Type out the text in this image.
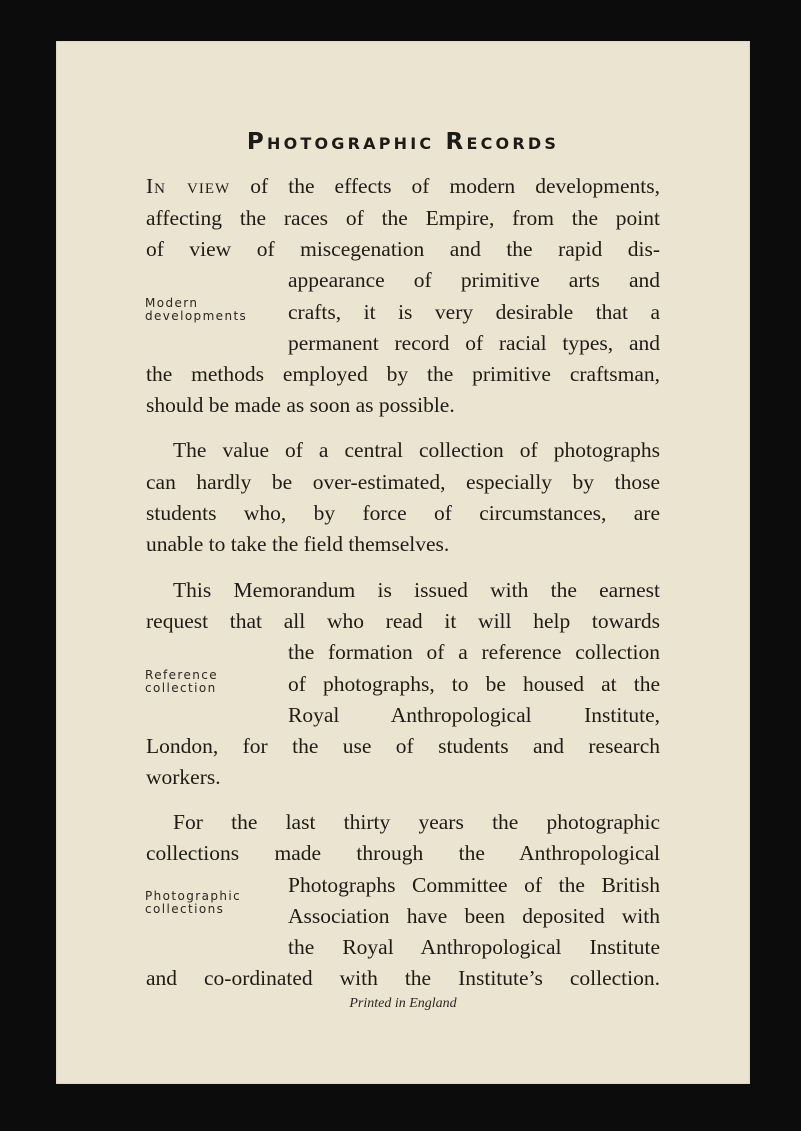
Photographic Records
In view of the effects of modern developments,
affecting the races of the Empire, from the point
of view of miscegenation and the rapid dis-
appearance of primitive arts and
crafts, it is very desirable that a
permanent record of racial types, and
the methods employed by the primitive craftsman,
should be made as soon as possible.
Modern
developments
The value of a central collection of photographs
can hardly be over-estimated, especially by those
students who, by force of circumstances, are
unable to take the field themselves.
This Memorandum is issued with the earnest
request that all who read it will help towards
the formation of a reference collection
of photographs, to be housed at the
Royal Anthropological Institute,
London, for the use of students and research
workers.
Reference
collection
For the last thirty years the photographic
collections made through the Anthropological
Photographs Committee of the British
Association have been deposited with
the Royal Anthropological Institute
and co-ordinated with the Institute’s collection.
Photographic
collections
Printed in England
